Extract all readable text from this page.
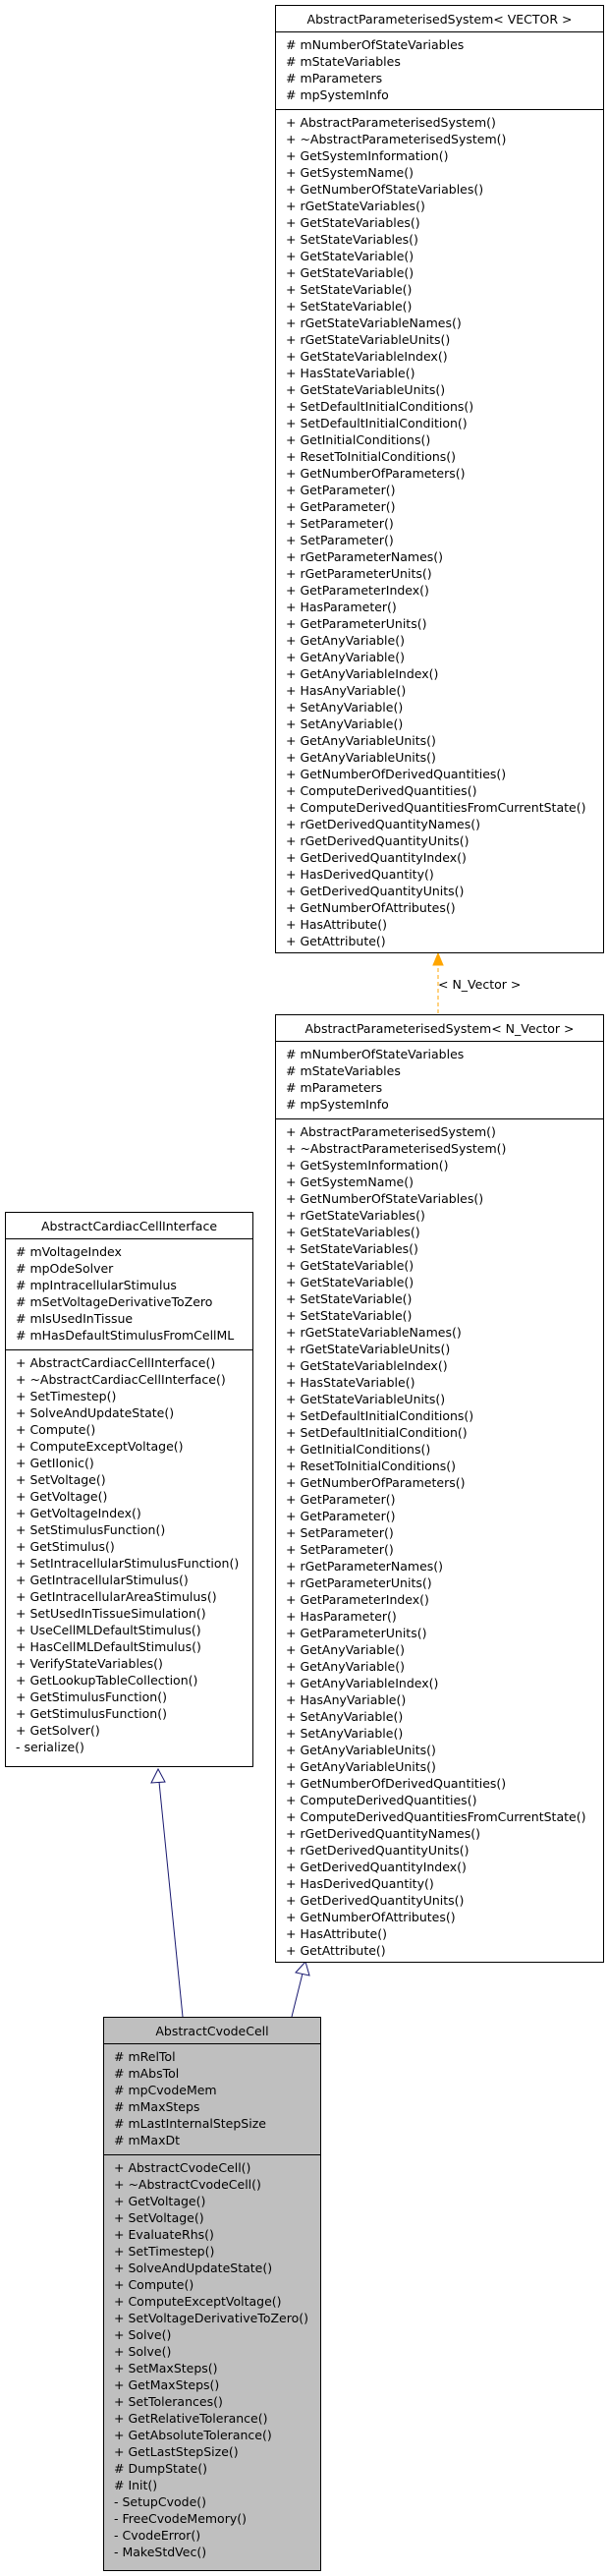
< N_Vector >
AbstractParameterisedSystem< VECTOR >
# mNumberOfStateVariables
# mStateVariables
# mParameters
# mpSystemInfo
+ AbstractParameterisedSystem()
+ ~AbstractParameterisedSystem()
+ GetSystemInformation()
+ GetSystemName()
+ GetNumberOfStateVariables()
+ rGetStateVariables()
+ GetStateVariables()
+ SetStateVariables()
+ GetStateVariable()
+ GetStateVariable()
+ SetStateVariable()
+ SetStateVariable()
+ rGetStateVariableNames()
+ rGetStateVariableUnits()
+ GetStateVariableIndex()
+ HasStateVariable()
+ GetStateVariableUnits()
+ SetDefaultInitialConditions()
+ SetDefaultInitialCondition()
+ GetInitialConditions()
+ ResetToInitialConditions()
+ GetNumberOfParameters()
+ GetParameter()
+ GetParameter()
+ SetParameter()
+ SetParameter()
+ rGetParameterNames()
+ rGetParameterUnits()
+ GetParameterIndex()
+ HasParameter()
+ GetParameterUnits()
+ GetAnyVariable()
+ GetAnyVariable()
+ GetAnyVariableIndex()
+ HasAnyVariable()
+ SetAnyVariable()
+ SetAnyVariable()
+ GetAnyVariableUnits()
+ GetAnyVariableUnits()
+ GetNumberOfDerivedQuantities()
+ ComputeDerivedQuantities()
+ ComputeDerivedQuantitiesFromCurrentState()
+ rGetDerivedQuantityNames()
+ rGetDerivedQuantityUnits()
+ GetDerivedQuantityIndex()
+ HasDerivedQuantity()
+ GetDerivedQuantityUnits()
+ GetNumberOfAttributes()
+ HasAttribute()
+ GetAttribute()
AbstractParameterisedSystem< N_Vector >
# mNumberOfStateVariables
# mStateVariables
# mParameters
# mpSystemInfo
+ AbstractParameterisedSystem()
+ ~AbstractParameterisedSystem()
+ GetSystemInformation()
+ GetSystemName()
+ GetNumberOfStateVariables()
+ rGetStateVariables()
+ GetStateVariables()
+ SetStateVariables()
+ GetStateVariable()
+ GetStateVariable()
+ SetStateVariable()
+ SetStateVariable()
+ rGetStateVariableNames()
+ rGetStateVariableUnits()
+ GetStateVariableIndex()
+ HasStateVariable()
+ GetStateVariableUnits()
+ SetDefaultInitialConditions()
+ SetDefaultInitialCondition()
+ GetInitialConditions()
+ ResetToInitialConditions()
+ GetNumberOfParameters()
+ GetParameter()
+ GetParameter()
+ SetParameter()
+ SetParameter()
+ rGetParameterNames()
+ rGetParameterUnits()
+ GetParameterIndex()
+ HasParameter()
+ GetParameterUnits()
+ GetAnyVariable()
+ GetAnyVariable()
+ GetAnyVariableIndex()
+ HasAnyVariable()
+ SetAnyVariable()
+ SetAnyVariable()
+ GetAnyVariableUnits()
+ GetAnyVariableUnits()
+ GetNumberOfDerivedQuantities()
+ ComputeDerivedQuantities()
+ ComputeDerivedQuantitiesFromCurrentState()
+ rGetDerivedQuantityNames()
+ rGetDerivedQuantityUnits()
+ GetDerivedQuantityIndex()
+ HasDerivedQuantity()
+ GetDerivedQuantityUnits()
+ GetNumberOfAttributes()
+ HasAttribute()
+ GetAttribute()
AbstractCardiacCellInterface
# mVoltageIndex
# mpOdeSolver
# mpIntracellularStimulus
# mSetVoltageDerivativeToZero
# mIsUsedInTissue
# mHasDefaultStimulusFromCellML
+ AbstractCardiacCellInterface()
+ ~AbstractCardiacCellInterface()
+ SetTimestep()
+ SolveAndUpdateState()
+ Compute()
+ ComputeExceptVoltage()
+ GetIIonic()
+ SetVoltage()
+ GetVoltage()
+ GetVoltageIndex()
+ SetStimulusFunction()
+ GetStimulus()
+ SetIntracellularStimulusFunction()
+ GetIntracellularStimulus()
+ GetIntracellularAreaStimulus()
+ SetUsedInTissueSimulation()
+ UseCellMLDefaultStimulus()
+ HasCellMLDefaultStimulus()
+ VerifyStateVariables()
+ GetLookupTableCollection()
+ GetStimulusFunction()
+ GetStimulusFunction()
+ GetSolver()
- serialize()
AbstractCvodeCell
# mRelTol
# mAbsTol
# mpCvodeMem
# mMaxSteps
# mLastInternalStepSize
# mMaxDt
+ AbstractCvodeCell()
+ ~AbstractCvodeCell()
+ GetVoltage()
+ SetVoltage()
+ EvaluateRhs()
+ SetTimestep()
+ SolveAndUpdateState()
+ Compute()
+ ComputeExceptVoltage()
+ SetVoltageDerivativeToZero()
+ Solve()
+ Solve()
+ SetMaxSteps()
+ GetMaxSteps()
+ SetTolerances()
+ GetRelativeTolerance()
+ GetAbsoluteTolerance()
+ GetLastStepSize()
# DumpState()
# Init()
- SetupCvode()
- FreeCvodeMemory()
- CvodeError()
- MakeStdVec()
